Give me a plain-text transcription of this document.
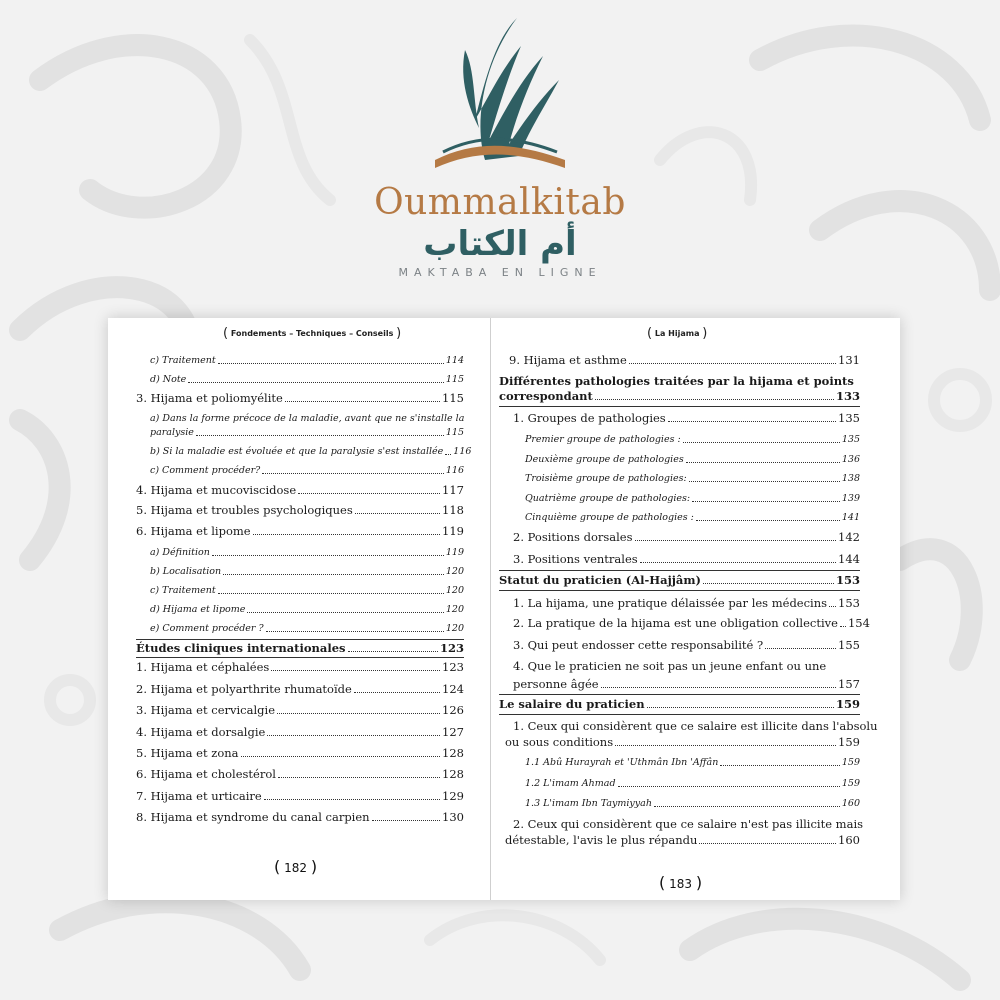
Oummalkitab
أم الكتاب
MAKTABA EN LIGNE
( Fondements – Techniques – Conseils )
c) Traitement	114
d) Note	115
3. Hijama et poliomyélite	115
a) Dans la forme précoce de la maladie, avant que ne s'installe la
paralysie	115
b) Si la maladie est évoluée et que la paralysie s'est installée 116
c) Comment procéder?	116
4. Hijama et mucoviscidose	117
5. Hijama et troubles psychologiques	118
6. Hijama et lipome	119
a) Définition	119
b) Localisation	120
c) Traitement	120
d) Hijama et lipome	120
e) Comment procéder ?	120
Études cliniques internationales	123
1. Hijama et céphalées	123
2. Hijama et polyarthrite rhumatoïde	124
3. Hijama et cervicalgie	126
4. Hijama et dorsalgie	127
5. Hijama et zona	128
6. Hijama et cholestérol	128
7. Hijama et urticaire	129
8. Hijama et syndrome du canal carpien	130
( 182 )
( La Hijama )
9. Hijama et asthme	131
Différentes pathologies traitées par la hijama et points
correspondant	133
1. Groupes de pathologies	135
Premier groupe de pathologies :	135
Deuxième groupe de pathologies	136
Troisième groupe de pathologies:	138
Quatrième groupe de pathologies:	139
Cinquième groupe de pathologies :	141
2. Positions dorsales	142
3. Positions ventrales	144
Statut du praticien (Al-Hajjâm)	153
1. La hijama, une pratique délaissée par les médecins 153
2. La pratique de la hijama est une obligation collective 154
3. Qui peut endosser cette responsabilité ?	155
4. Que le praticien ne soit pas un jeune enfant ou une
personne âgée	157
Le salaire du praticien	159
1. Ceux qui considèrent que ce salaire est illicite dans l'absolu
ou sous conditions	159
1.1 Abû Hurayrah et 'Uthmân Ibn 'Affân	159
1.2 L'imam Ahmad	159
1.3 L'imam Ibn Taymiyyah	160
2. Ceux qui considèrent que ce salaire n'est pas illicite mais
détestable, l'avis le plus répandu	160
( 183 )
